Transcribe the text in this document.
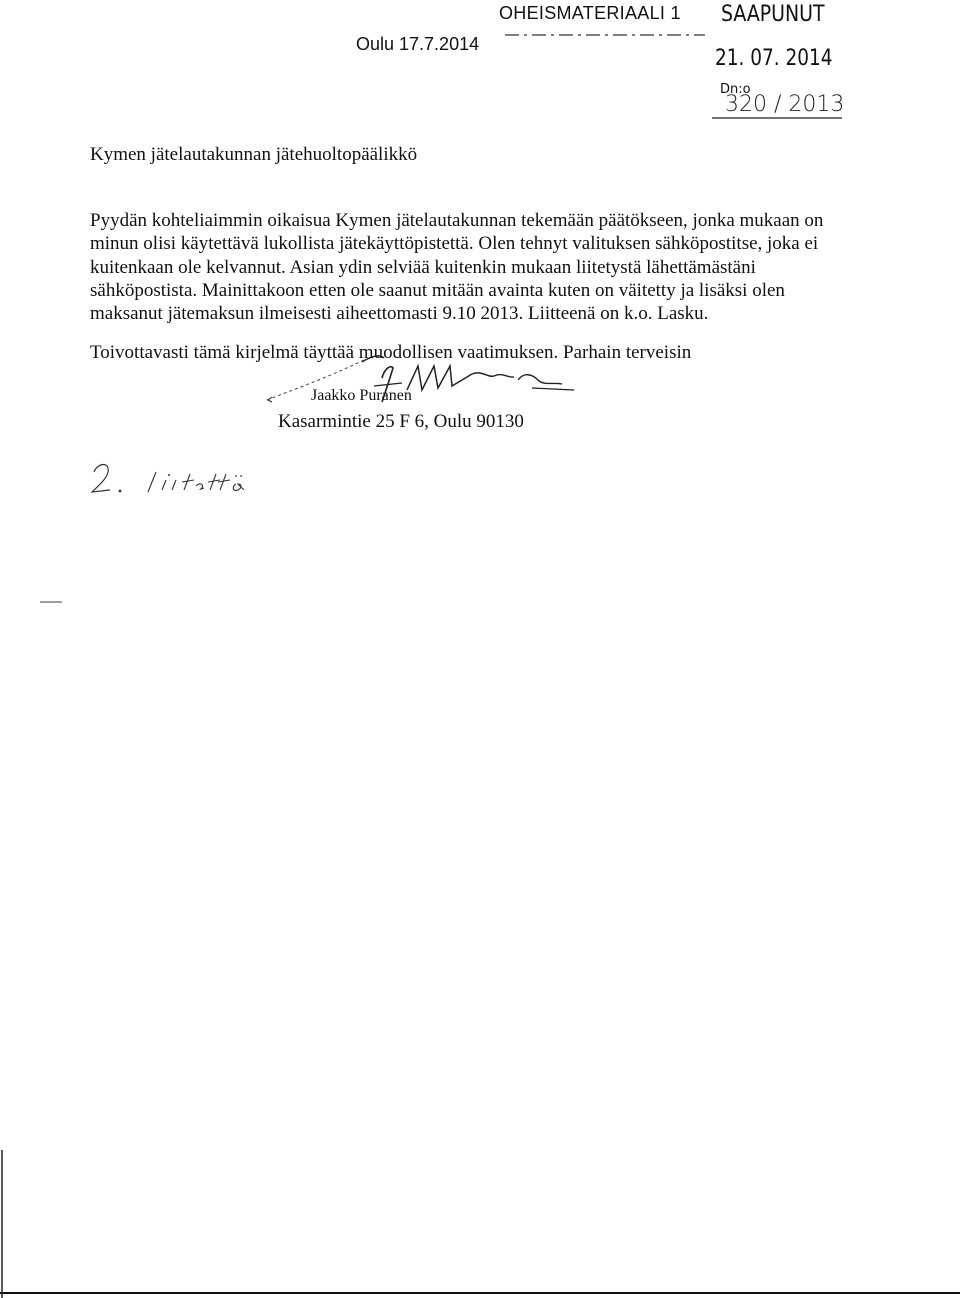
Oulu 17.7.2014
OHEISMATERIAALI 1 SAAPUNUT
21. 07. 2014
Dn:o
320 / 2013
Kymen jätelautakunnan jätehuoltopäälikkö
Pyydän kohteliaimmin oikaisua Kymen jätelautakunnan tekemään päätökseen, jonka mukaan on
minun olisi käytettävä lukollista jätekäyttöpistettä. Olen tehnyt valituksen sähköpostitse, joka ei
kuitenkaan ole kelvannut. Asian ydin selviää kuitenkin mukaan liitetystä lähettämästäni
sähköpostista. Mainittakoon etten ole saanut mitään avainta kuten on väitetty ja lisäksi olen
maksanut jätemaksun ilmeisesti aiheettomasti 9.10 2013. Liitteenä on k.o. Lasku.
Toivottavasti tämä kirjelmä täyttää muodollisen vaatimuksen. Parhain terveisin
Jaakko Puranen
Kasarmintie 25 F 6, Oulu 90130
